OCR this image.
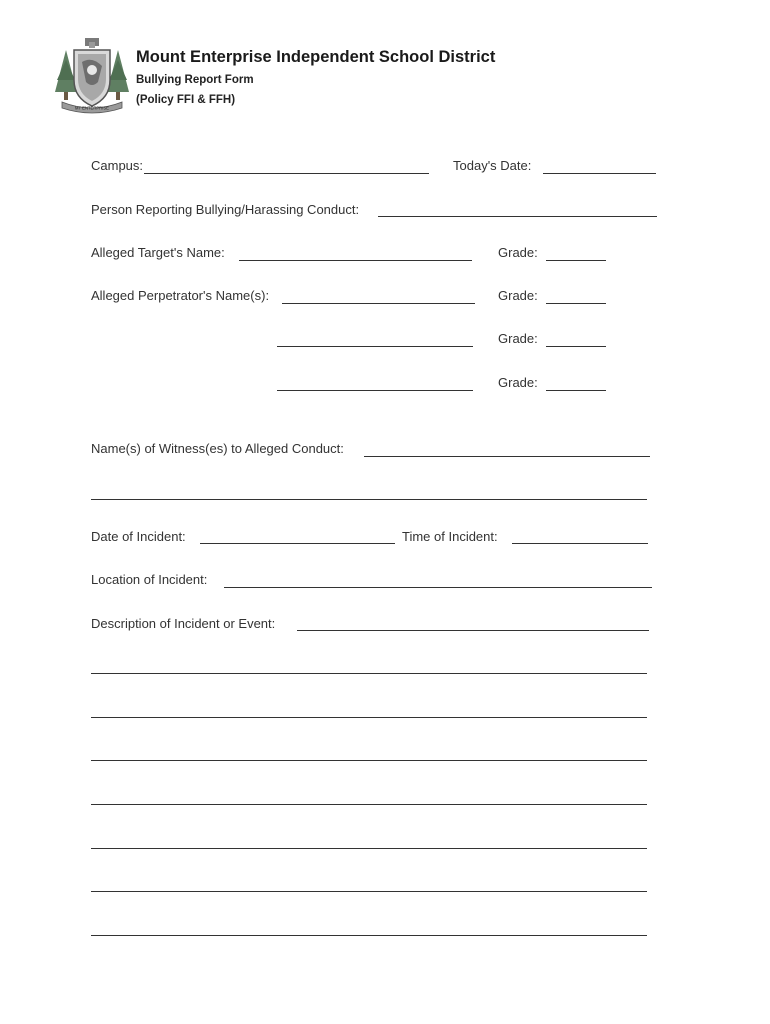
MT ENTERPRISE
Mount Enterprise Independent School District
Bullying Report Form
(Policy FFI & FFH)
Campus:	Today's Date:
Person Reporting Bullying/Harassing Conduct:
Alleged Target's Name:	Grade:
Alleged Perpetrator's Name(s):	Grade:
Grade:
Grade:
Name(s) of Witness(es) to Alleged Conduct:
Date of Incident:	Time of Incident:
Location of Incident:
Description of Incident or Event:
